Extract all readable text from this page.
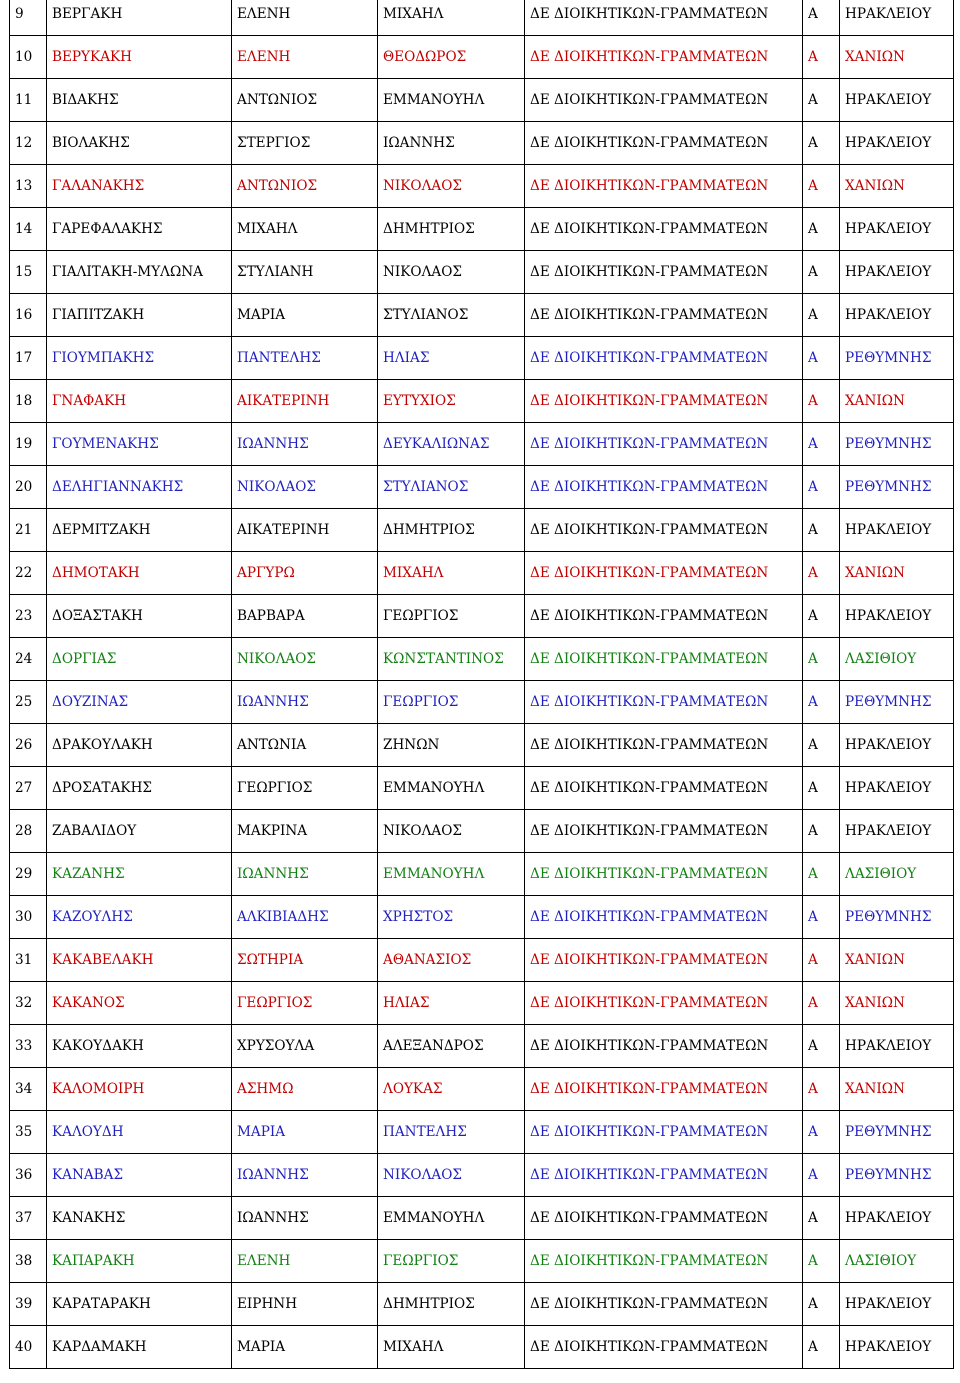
9	ΒΕΡΓΑΚΗ	ΕΛΕΝΗ	ΜΙΧΑΗΛ	ΔΕ ΔΙΟΙΚΗΤΙΚΩΝ-ΓΡΑΜΜΑΤΕΩΝ	Α	ΗΡΑΚΛΕΙΟΥ
10	ΒΕΡΥΚΑΚΗ	ΕΛΕΝΗ	ΘΕΟΔΩΡΟΣ	ΔΕ ΔΙΟΙΚΗΤΙΚΩΝ-ΓΡΑΜΜΑΤΕΩΝ	Α	ΧΑΝΙΩΝ
11	ΒΙΔΑΚΗΣ	ΑΝΤΩΝΙΟΣ	ΕΜΜΑΝΟΥΗΛ	ΔΕ ΔΙΟΙΚΗΤΙΚΩΝ-ΓΡΑΜΜΑΤΕΩΝ	Α	ΗΡΑΚΛΕΙΟΥ
12	ΒΙΟΛΑΚΗΣ	ΣΤΕΡΓΙΟΣ	ΙΩΑΝΝΗΣ	ΔΕ ΔΙΟΙΚΗΤΙΚΩΝ-ΓΡΑΜΜΑΤΕΩΝ	Α	ΗΡΑΚΛΕΙΟΥ
13	ΓΑΛΑΝΑΚΗΣ	ΑΝΤΩΝΙΟΣ	ΝΙΚΟΛΑΟΣ	ΔΕ ΔΙΟΙΚΗΤΙΚΩΝ-ΓΡΑΜΜΑΤΕΩΝ	Α	ΧΑΝΙΩΝ
14	ΓΑΡΕΦΑΛΑΚΗΣ	ΜΙΧΑΗΛ	ΔΗΜΗΤΡΙΟΣ	ΔΕ ΔΙΟΙΚΗΤΙΚΩΝ-ΓΡΑΜΜΑΤΕΩΝ	Α	ΗΡΑΚΛΕΙΟΥ
15	ΓΙΑΛΙΤΑΚΗ-ΜΥΛΩΝΑ	ΣΤΥΛΙΑΝΗ	ΝΙΚΟΛΑΟΣ	ΔΕ ΔΙΟΙΚΗΤΙΚΩΝ-ΓΡΑΜΜΑΤΕΩΝ	Α	ΗΡΑΚΛΕΙΟΥ
16	ΓΙΑΠΙΤΖΑΚΗ	ΜΑΡΙΑ	ΣΤΥΛΙΑΝΟΣ	ΔΕ ΔΙΟΙΚΗΤΙΚΩΝ-ΓΡΑΜΜΑΤΕΩΝ	Α	ΗΡΑΚΛΕΙΟΥ
17	ΓΙΟΥΜΠΑΚΗΣ	ΠΑΝΤΕΛΗΣ	ΗΛΙΑΣ	ΔΕ ΔΙΟΙΚΗΤΙΚΩΝ-ΓΡΑΜΜΑΤΕΩΝ	Α	ΡΕΘΥΜΝΗΣ
18	ΓΝΑΦΑΚΗ	ΑΙΚΑΤΕΡΙΝΗ	ΕΥΤΥΧΙΟΣ	ΔΕ ΔΙΟΙΚΗΤΙΚΩΝ-ΓΡΑΜΜΑΤΕΩΝ	Α	ΧΑΝΙΩΝ
19	ΓΟΥΜΕΝΑΚΗΣ	ΙΩΑΝΝΗΣ	ΔΕΥΚΑΛΙΩΝΑΣ	ΔΕ ΔΙΟΙΚΗΤΙΚΩΝ-ΓΡΑΜΜΑΤΕΩΝ	Α	ΡΕΘΥΜΝΗΣ
20	ΔΕΛΗΓΙΑΝΝΑΚΗΣ	ΝΙΚΟΛΑΟΣ	ΣΤΥΛΙΑΝΟΣ	ΔΕ ΔΙΟΙΚΗΤΙΚΩΝ-ΓΡΑΜΜΑΤΕΩΝ	Α	ΡΕΘΥΜΝΗΣ
21	ΔΕΡΜΙΤΖΑΚΗ	ΑΙΚΑΤΕΡΙΝΗ	ΔΗΜΗΤΡΙΟΣ	ΔΕ ΔΙΟΙΚΗΤΙΚΩΝ-ΓΡΑΜΜΑΤΕΩΝ	Α	ΗΡΑΚΛΕΙΟΥ
22	ΔΗΜΟΤΑΚΗ	ΑΡΓΥΡΩ	ΜΙΧΑΗΛ	ΔΕ ΔΙΟΙΚΗΤΙΚΩΝ-ΓΡΑΜΜΑΤΕΩΝ	Α	ΧΑΝΙΩΝ
23	ΔΟΞΑΣΤΑΚΗ	ΒΑΡΒΑΡΑ	ΓΕΩΡΓΙΟΣ	ΔΕ ΔΙΟΙΚΗΤΙΚΩΝ-ΓΡΑΜΜΑΤΕΩΝ	Α	ΗΡΑΚΛΕΙΟΥ
24	ΔΟΡΓΙΑΣ	ΝΙΚΟΛΑΟΣ	ΚΩΝΣΤΑΝΤΙΝΟΣ	ΔΕ ΔΙΟΙΚΗΤΙΚΩΝ-ΓΡΑΜΜΑΤΕΩΝ	Α	ΛΑΣΙΘΙΟΥ
25	ΔΟΥΖΙΝΑΣ	ΙΩΑΝΝΗΣ	ΓΕΩΡΓΙΟΣ	ΔΕ ΔΙΟΙΚΗΤΙΚΩΝ-ΓΡΑΜΜΑΤΕΩΝ	Α	ΡΕΘΥΜΝΗΣ
26	ΔΡΑΚΟΥΛΑΚΗ	ΑΝΤΩΝΙΑ	ΖΗΝΩΝ	ΔΕ ΔΙΟΙΚΗΤΙΚΩΝ-ΓΡΑΜΜΑΤΕΩΝ	Α	ΗΡΑΚΛΕΙΟΥ
27	ΔΡΟΣΑΤΑΚΗΣ	ΓΕΩΡΓΙΟΣ	ΕΜΜΑΝΟΥΗΛ	ΔΕ ΔΙΟΙΚΗΤΙΚΩΝ-ΓΡΑΜΜΑΤΕΩΝ	Α	ΗΡΑΚΛΕΙΟΥ
28	ΖΑΒΑΛΙΔΟΥ	ΜΑΚΡΙΝΑ	ΝΙΚΟΛΑΟΣ	ΔΕ ΔΙΟΙΚΗΤΙΚΩΝ-ΓΡΑΜΜΑΤΕΩΝ	Α	ΗΡΑΚΛΕΙΟΥ
29	ΚΑΖΑΝΗΣ	ΙΩΑΝΝΗΣ	ΕΜΜΑΝΟΥΗΛ	ΔΕ ΔΙΟΙΚΗΤΙΚΩΝ-ΓΡΑΜΜΑΤΕΩΝ	Α	ΛΑΣΙΘΙΟΥ
30	ΚΑΖΟΥΛΗΣ	ΑΛΚΙΒΙΑΔΗΣ	ΧΡΗΣΤΟΣ	ΔΕ ΔΙΟΙΚΗΤΙΚΩΝ-ΓΡΑΜΜΑΤΕΩΝ	Α	ΡΕΘΥΜΝΗΣ
31	ΚΑΚΑΒΕΛΑΚΗ	ΣΩΤΗΡΙΑ	ΑΘΑΝΑΣΙΟΣ	ΔΕ ΔΙΟΙΚΗΤΙΚΩΝ-ΓΡΑΜΜΑΤΕΩΝ	Α	ΧΑΝΙΩΝ
32	ΚΑΚΑΝΟΣ	ΓΕΩΡΓΙΟΣ	ΗΛΙΑΣ	ΔΕ ΔΙΟΙΚΗΤΙΚΩΝ-ΓΡΑΜΜΑΤΕΩΝ	Α	ΧΑΝΙΩΝ
33	ΚΑΚΟΥΔΑΚΗ	ΧΡΥΣΟΥΛΑ	ΑΛΕΞΑΝΔΡΟΣ	ΔΕ ΔΙΟΙΚΗΤΙΚΩΝ-ΓΡΑΜΜΑΤΕΩΝ	Α	ΗΡΑΚΛΕΙΟΥ
34	ΚΑΛΟΜΟΙΡΗ	ΑΣΗΜΩ	ΛΟΥΚΑΣ	ΔΕ ΔΙΟΙΚΗΤΙΚΩΝ-ΓΡΑΜΜΑΤΕΩΝ	Α	ΧΑΝΙΩΝ
35	ΚΑΛΟΥΔΗ	ΜΑΡΙΑ	ΠΑΝΤΕΛΗΣ	ΔΕ ΔΙΟΙΚΗΤΙΚΩΝ-ΓΡΑΜΜΑΤΕΩΝ	Α	ΡΕΘΥΜΝΗΣ
36	ΚΑΝΑΒΑΣ	ΙΩΑΝΝΗΣ	ΝΙΚΟΛΑΟΣ	ΔΕ ΔΙΟΙΚΗΤΙΚΩΝ-ΓΡΑΜΜΑΤΕΩΝ	Α	ΡΕΘΥΜΝΗΣ
37	ΚΑΝΑΚΗΣ	ΙΩΑΝΝΗΣ	ΕΜΜΑΝΟΥΗΛ	ΔΕ ΔΙΟΙΚΗΤΙΚΩΝ-ΓΡΑΜΜΑΤΕΩΝ	Α	ΗΡΑΚΛΕΙΟΥ
38	ΚΑΠΑΡΑΚΗ	ΕΛΕΝΗ	ΓΕΩΡΓΙΟΣ	ΔΕ ΔΙΟΙΚΗΤΙΚΩΝ-ΓΡΑΜΜΑΤΕΩΝ	Α	ΛΑΣΙΘΙΟΥ
39	ΚΑΡΑΤΑΡΑΚΗ	ΕΙΡΗΝΗ	ΔΗΜΗΤΡΙΟΣ	ΔΕ ΔΙΟΙΚΗΤΙΚΩΝ-ΓΡΑΜΜΑΤΕΩΝ	Α	ΗΡΑΚΛΕΙΟΥ
40	ΚΑΡΔΑΜΑΚΗ	ΜΑΡΙΑ	ΜΙΧΑΗΛ	ΔΕ ΔΙΟΙΚΗΤΙΚΩΝ-ΓΡΑΜΜΑΤΕΩΝ	Α	ΗΡΑΚΛΕΙΟΥ
